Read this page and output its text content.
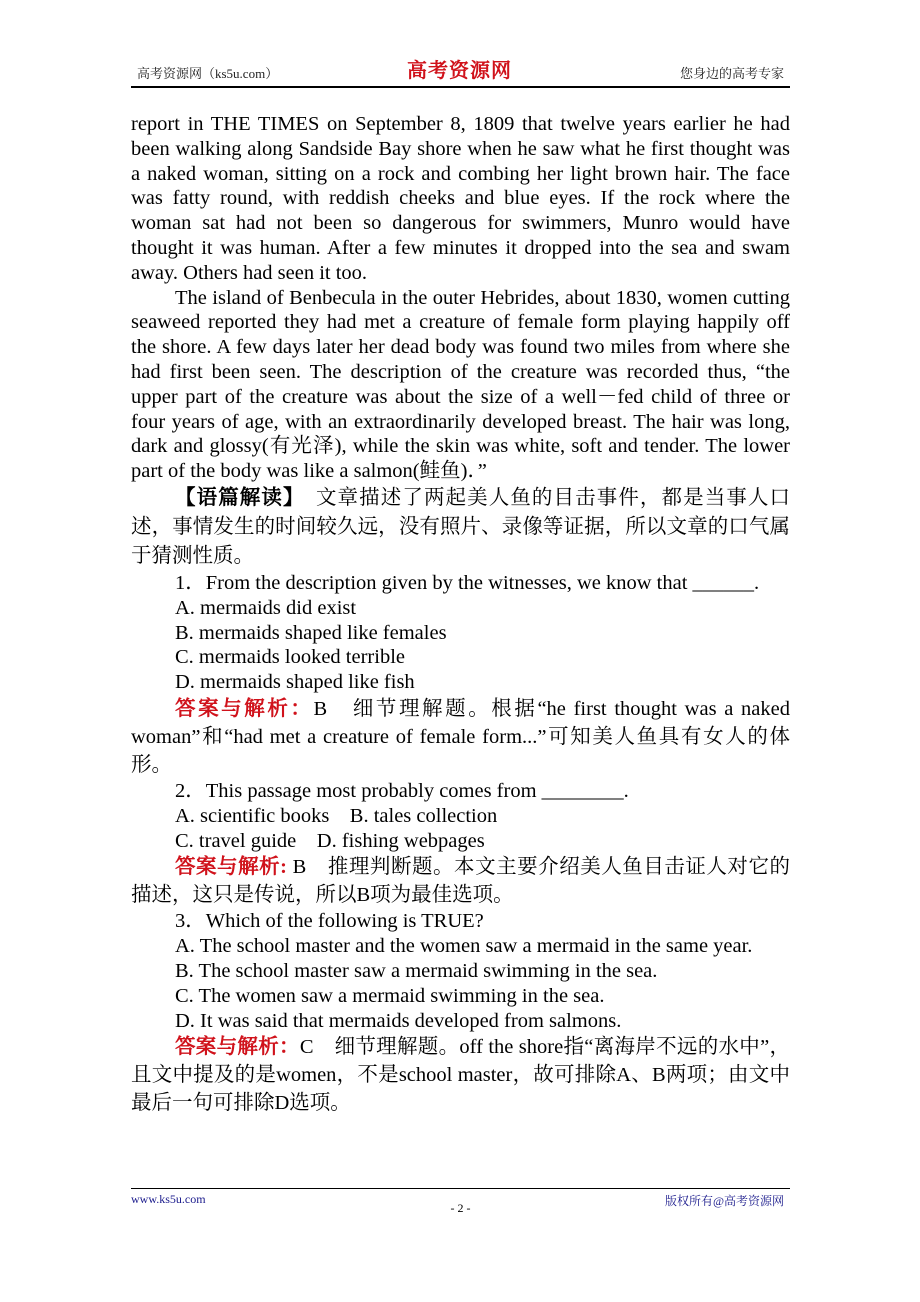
高考资源网（ks5u.com）	高考资源网	您身边的高考专家

report in THE TIMES on September 8, 1809 that twelve years earlier he had been walking along Sandside Bay shore when he saw what he first thought was a naked woman, sitting on a rock and combing her light brown hair. The face was fatty round, with reddish cheeks and blue eyes. If the rock where the woman sat had not been so dangerous for swimmers, Munro would have thought it was human. After a few minutes it dropped into the sea and swam away. Others had seen it too.

The island of Benbecula in the outer Hebrides, about 1830, women cutting seaweed reported they had met a creature of female form playing happily off the shore. A few days later her dead body was found two miles from where she had first been seen. The description of the creature was recorded thus, “the upper part of the creature was about the size of a well－fed child of three or four years of age, with an extraordinarily developed breast. The hair was long, dark and glossy(有光泽), while the skin was white, soft and tender. The lower part of the body was like a salmon(鲑鱼)．”

【语篇解读】　 文章描述了两起美人鱼的目击事件，都是当事人口述，事情发生的时间较久远，没有照片、录像等证据，所以文章的口气属于猜测性质。

1．From the description given by the witnesses, we know that ______.

A. mermaids did exist

B. mermaids shaped like females

C. mermaids looked terrible

D. mermaids shaped like fish

答案与解析：B　细节理解题。根据“he first thought was a naked woman”和“had met a creature of female form...”可知美人鱼具有女人的体形。

2．This passage most probably comes from ________.

A. scientific books　B. tales collection

C. travel guide　D. fishing webpages

答案与解析: B　推理判断题。本文主要介绍美人鱼目击证人对它的描述，这只是传说，所以B项为最佳选项。

3．Which of the following is TRUE?

A. The school master and the women saw a mermaid in the same year.

B. The school master saw a mermaid swimming in the sea.

C. The women saw a mermaid swimming in the sea.

D. It was said that mermaids developed from salmons.

答案与解析：C　细节理解题。off the shore指“离海岸不远的水中”，且文中提及的是women，不是school master，故可排除A、B两项；由文中最后一句可排除D选项。

www.ks5u.com
- 2 -	版权所有@高考资源网
